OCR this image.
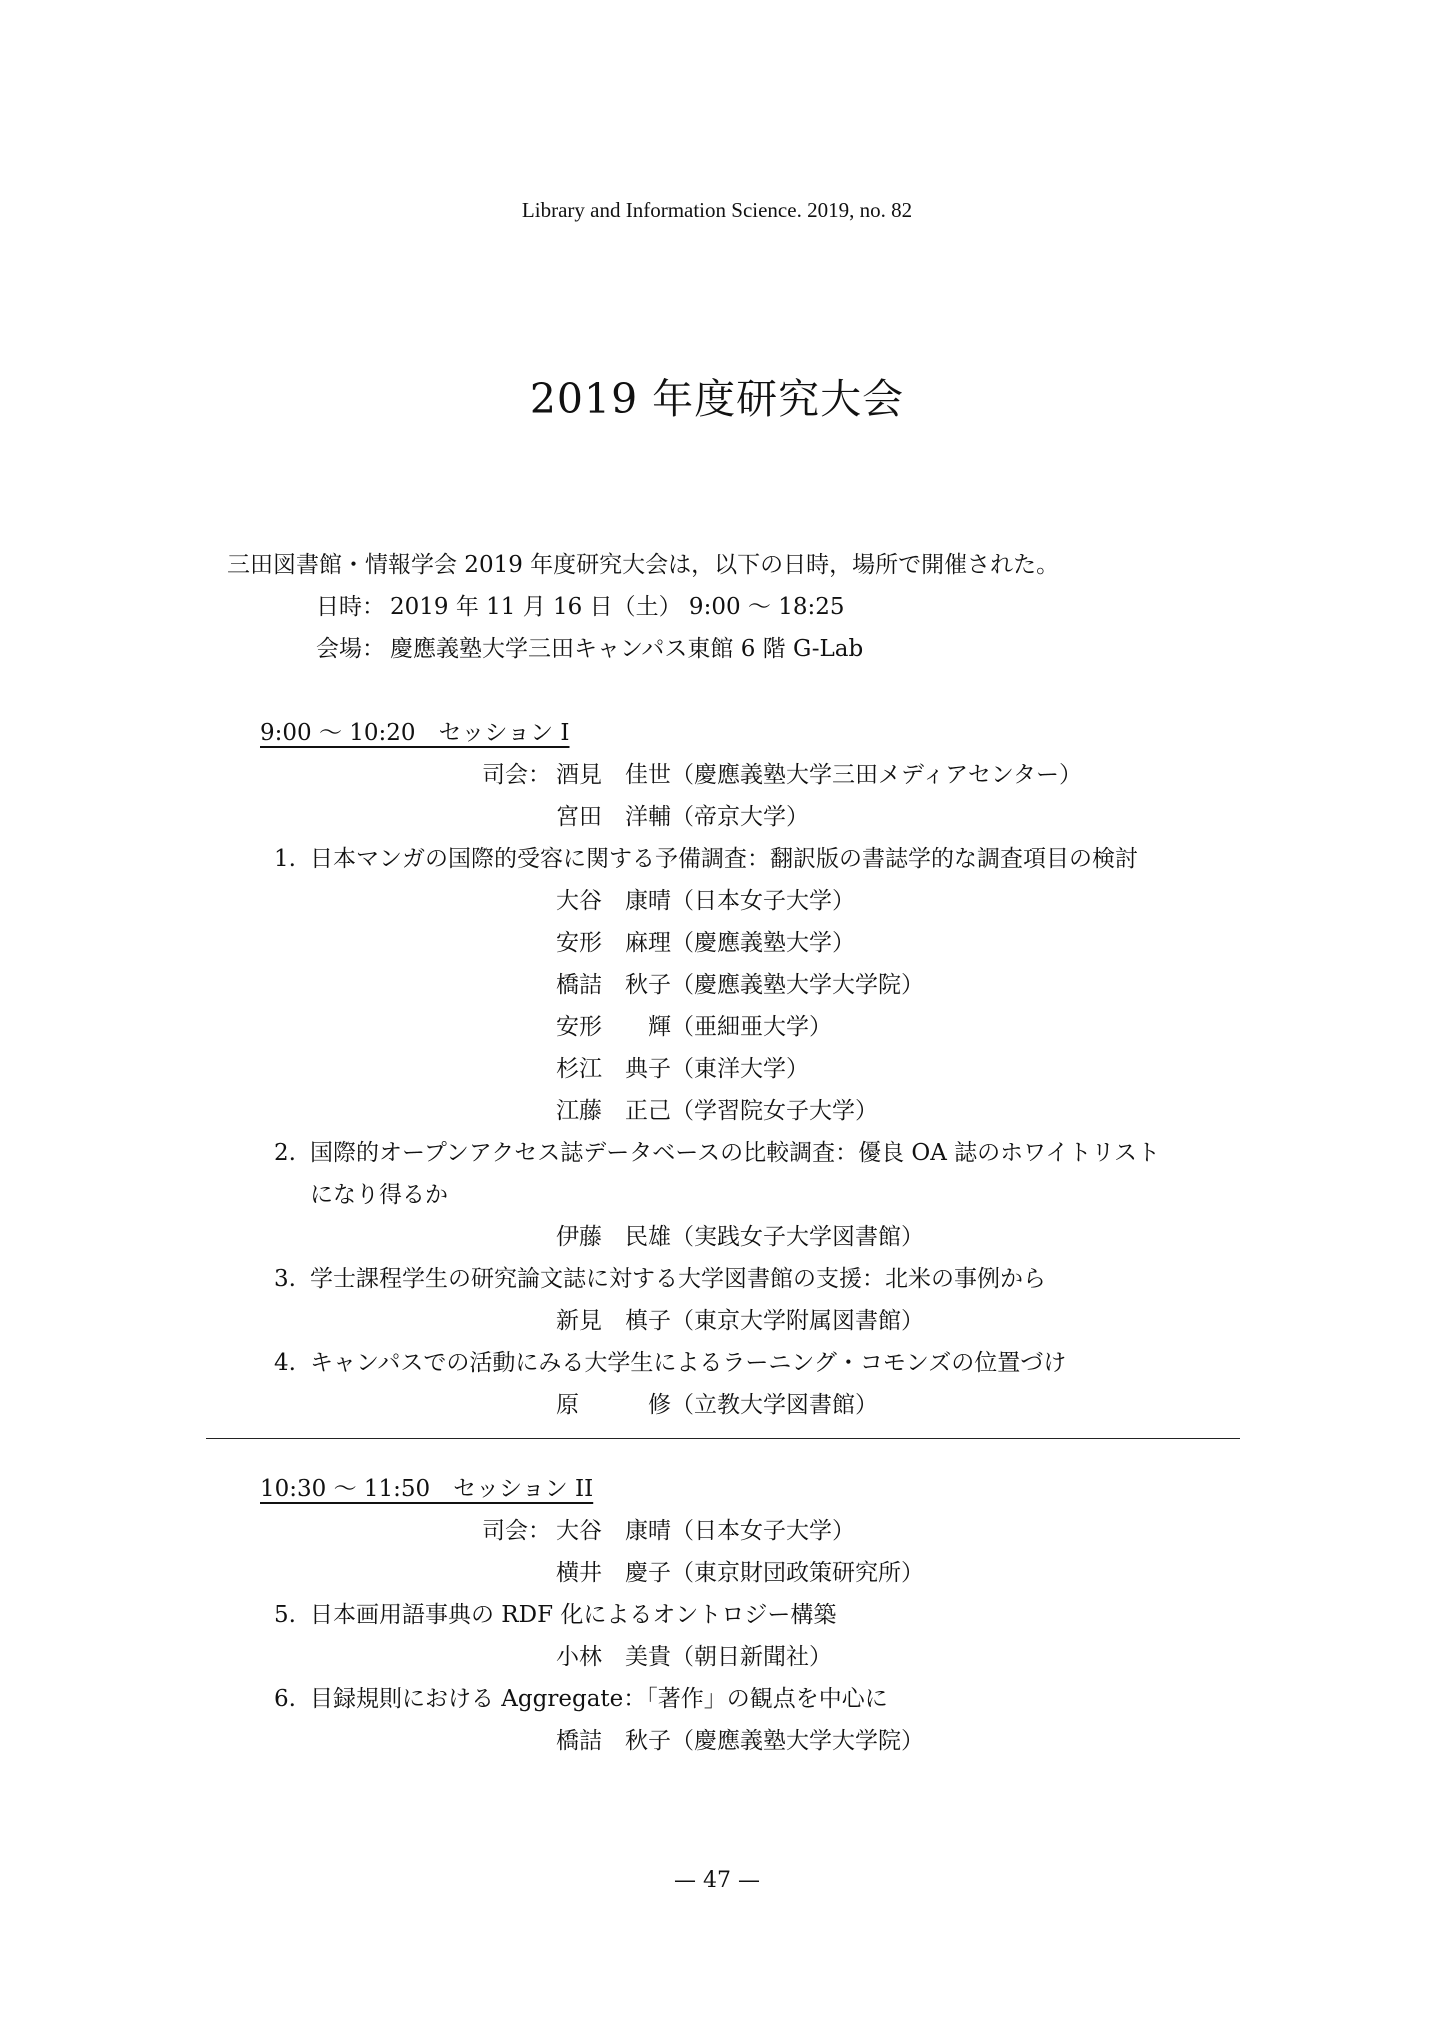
Library and Information Science. 2019, no. 82
2019 年度研究大会
三田図書館・情報学会 2019 年度研究大会は，以下の日時，場所で開催された。
日時： 2019 年 11 月 16 日（土） 9:00 ～ 18:25
会場： 慶應義塾大学三田キャンパス東館 6 階 G-Lab
9:00 ～ 10:20　セッション I
司会： 酒見　佳世（慶應義塾大学三田メディアセンター）
宮田　洋輔（帝京大学）
1. 日本マンガの国際的受容に関する予備調査：翻訳版の書誌学的な調査項目の検討
大谷　康晴（日本女子大学）
安形　麻理（慶應義塾大学）
橋詰　秋子（慶應義塾大学大学院）
安形　　輝（亜細亜大学）
杉江　典子（東洋大学）
江藤　正己（学習院女子大学）
2. 国際的オープンアクセス誌データベースの比較調査：優良 OA 誌のホワイトリスト
になり得るか
伊藤　民雄（実践女子大学図書館）
3. 学士課程学生の研究論文誌に対する大学図書館の支援：北米の事例から
新見　槙子（東京大学附属図書館）
4. キャンパスでの活動にみる大学生によるラーニング・コモンズの位置づけ
原　　　修（立教大学図書館）
10:30 ～ 11:50　セッション II
司会： 大谷　康晴（日本女子大学）
横井　慶子（東京財団政策研究所）
5. 日本画用語事典の RDF 化によるオントロジー構築
小林　美貴（朝日新聞社）
6. 目録規則における Aggregate：「著作」の観点を中心に
橋詰　秋子（慶應義塾大学大学院）
— 47 —
